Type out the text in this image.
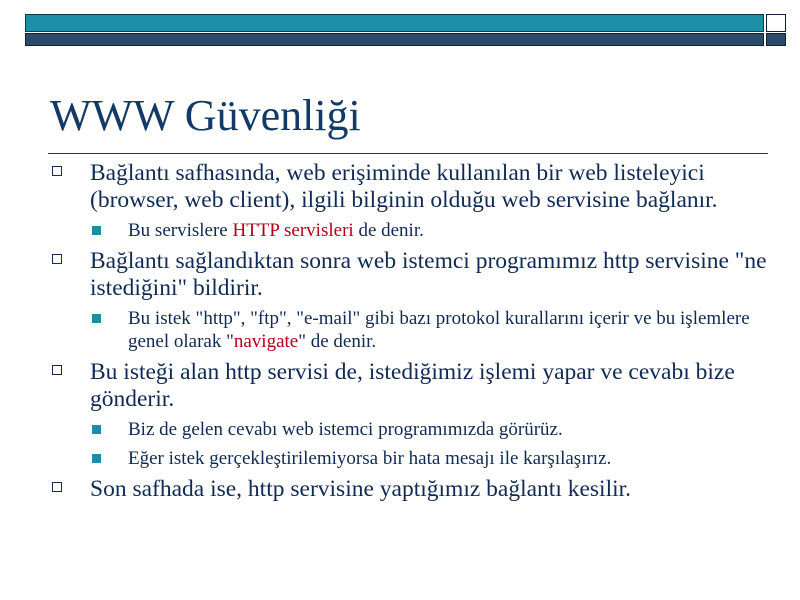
WWW Güvenliği
Bağlantı safhasında, web erişiminde kullanılan bir web listeleyici (browser, web client), ilgili bilginin olduğu web servisine bağlanır.
Bu servislere HTTP servisleri de denir.
Bağlantı sağlandıktan sonra web istemci programımız http servisine "ne istediğini" bildirir.
Bu istek "http", "ftp", "e-mail" gibi bazı protokol kurallarını içerir ve bu işlemlere genel olarak "navigate" de denir.
Bu isteği alan http servisi de, istediğimiz işlemi yapar ve cevabı bize gönderir.
Biz de gelen cevabı web istemci programımızda görürüz.
Eğer istek gerçekleştirilemiyorsa bir hata mesajı ile karşılaşırız.
Son safhada ise, http servisine yaptığımız bağlantı kesilir.
